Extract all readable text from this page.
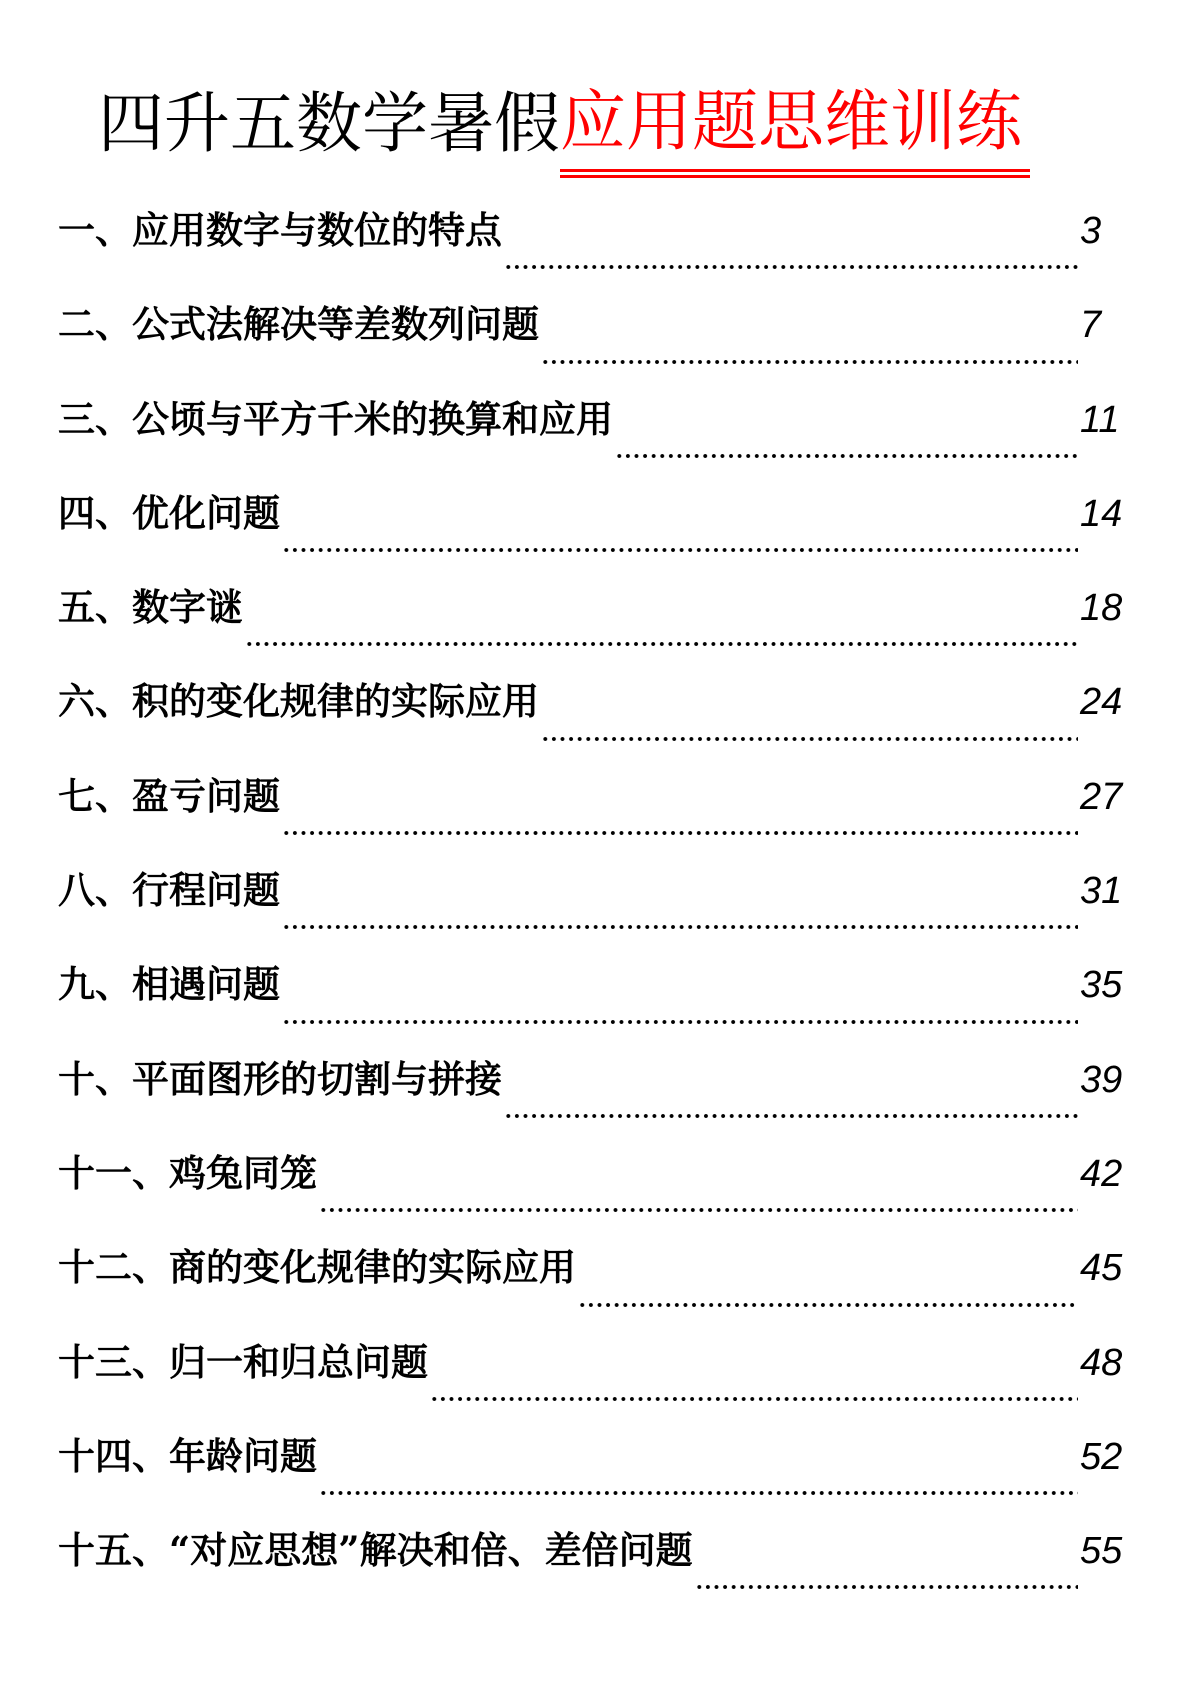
四升五数学暑假 应用题思维训练
一、应用数字与数位的特点	3
二、公式法解决等差数列问题	7
三、公顷与平方千米的换算和应用	11
四、优化问题	14
五、数字谜	18
六、积的变化规律的实际应用	24
七、盈亏问题	27
八、行程问题	31
九、相遇问题	35
十、平面图形的切割与拼接	39
十一、鸡兔同笼	42
十二、商的变化规律的实际应用	45
十三、归一和归总问题	48
十四、年龄问题	52
十五、“对应思想”解决和倍、差倍问题	55
